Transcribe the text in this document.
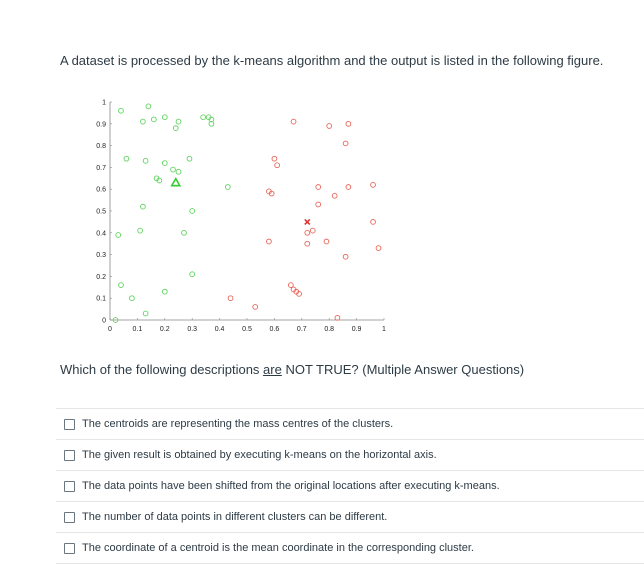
A dataset is processed by the k-means algorithm and the output is listed in the following figure.
0	0.1	0.2	0.3	0.4	0.5	0.6	0.7	0.8	0.9	1
0
0.1
0.2
0.3
0.4
0.5
0.6
0.7
0.8
0.9
1
Which of the following descriptions are NOT TRUE? (Multiple Answer Questions)
The centroids are representing the mass centres of the clusters.
The given result is obtained by executing k-means on the horizontal axis.
The data points have been shifted from the original locations after executing k-means.
The number of data points in different clusters can be different.
The coordinate of a centroid is the mean coordinate in the corresponding cluster.
